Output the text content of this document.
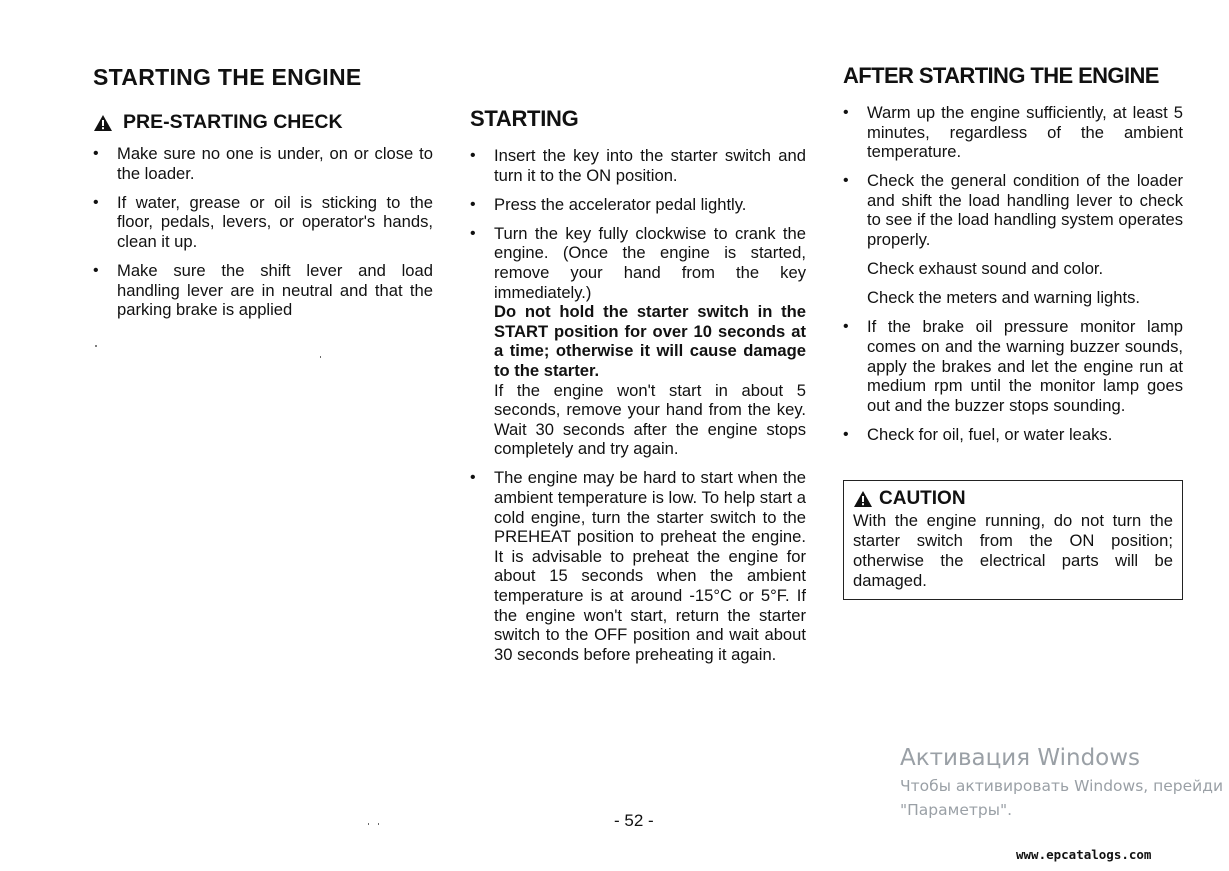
STARTING THE ENGINE
PRE-STARTING CHECK
• Make sure no one is under, on or close to the loader.
• If water, grease or oil is sticking to the floor, pedals, levers, or operator's hands, clean it up.
• Make sure the shift lever and load handling lever are in neutral and that the parking brake is applied
STARTING
• Insert the key into the starter switch and turn it to the ON position.
• Press the accelerator pedal lightly.
• Turn the key fully clockwise to crank the engine. (Once the engine is started, remove your hand from the key immediately.)
Do not hold the starter switch in the START position for over 10 seconds at a time; otherwise it will cause damage to the starter.
If the engine won't start in about 5 seconds, remove your hand from the key. Wait 30 seconds after the engine stops completely and try again.
• The engine may be hard to start when the ambient temperature is low. To help start a cold engine, turn the starter switch to the PREHEAT position to preheat the engine. It is advisable to preheat the engine for about 15 seconds when the ambient temperature is at around -15°C or 5°F. If the engine won't start, return the starter switch to the OFF position and wait about 30 seconds before preheating it again.
AFTER STARTING THE ENGINE
• Warm up the engine sufficiently, at least 5 minutes, regardless of the ambient temperature.
• Check the general condition of the loader and shift the load handling lever to check to see if the load handling system operates properly.

Check exhaust sound and color.

Check the meters and warning lights.

• If the brake oil pressure monitor lamp comes on and the warning buzzer sounds, apply the brakes and let the engine run at medium rpm until the monitor lamp goes out and the buzzer stops sounding.
• Check for oil, fuel, or water leaks.
CAUTION
With the engine running, do not turn the starter switch from the ON position; otherwise the electrical parts will be damaged.
- 52 -
Активация Windows
Чтобы активировать Windows, перейди
"Параметры".
www.epcatalogs.com
